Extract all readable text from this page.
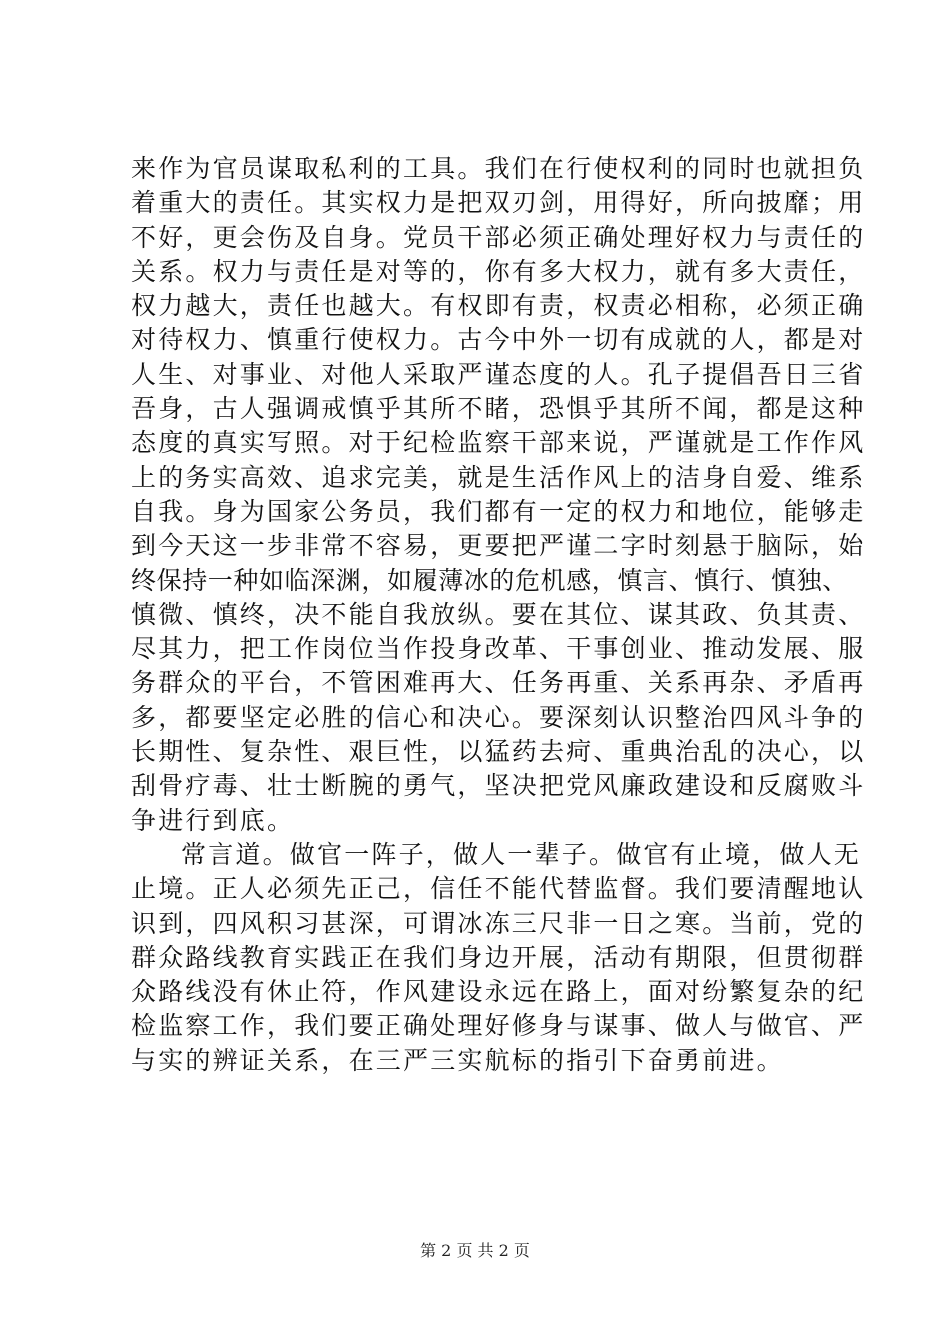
来作为官员谋取私利的工具。我们在行使权利的同时也就担负
着重大的责任。其实权力是把双刃剑，用得好，所向披靡；用
不好，更会伤及自身。党员干部必须正确处理好权力与责任的
关系。权力与责任是对等的，你有多大权力，就有多大责任，
权力越大，责任也越大。有权即有责，权责必相称，必须正确
对待权力、慎重行使权力。古今中外一切有成就的人，都是对
人生、对事业、对他人采取严谨态度的人。孔子提倡吾日三省
吾身，古人强调戒慎乎其所不睹，恐惧乎其所不闻，都是这种
态度的真实写照。对于纪检监察干部来说，严谨就是工作作风
上的务实高效、追求完美，就是生活作风上的洁身自爱、维系
自我。身为国家公务员，我们都有一定的权力和地位，能够走
到今天这一步非常不容易，更要把严谨二字时刻悬于脑际，始
终保持一种如临深渊，如履薄冰的危机感，慎言、慎行、慎独、
慎微、慎终，决不能自我放纵。要在其位、谋其政、负其责、
尽其力，把工作岗位当作投身改革、干事创业、推动发展、服
务群众的平台，不管困难再大、任务再重、关系再杂、矛盾再
多，都要坚定必胜的信心和决心。要深刻认识整治四风斗争的
长期性、复杂性、艰巨性，以猛药去疴、重典治乱的决心，以
刮骨疗毒、壮士断腕的勇气，坚决把党风廉政建设和反腐败斗
争进行到底。
常言道。做官一阵子，做人一辈子。做官有止境，做人无
止境。正人必须先正己，信任不能代替监督。我们要清醒地认
识到，四风积习甚深，可谓冰冻三尺非一日之寒。当前，党的
群众路线教育实践正在我们身边开展，活动有期限，但贯彻群
众路线没有休止符，作风建设永远在路上，面对纷繁复杂的纪
检监察工作，我们要正确处理好修身与谋事、做人与做官、严
与实的辨证关系，在三严三实航标的指引下奋勇前进。
第 2 页 共 2 页
